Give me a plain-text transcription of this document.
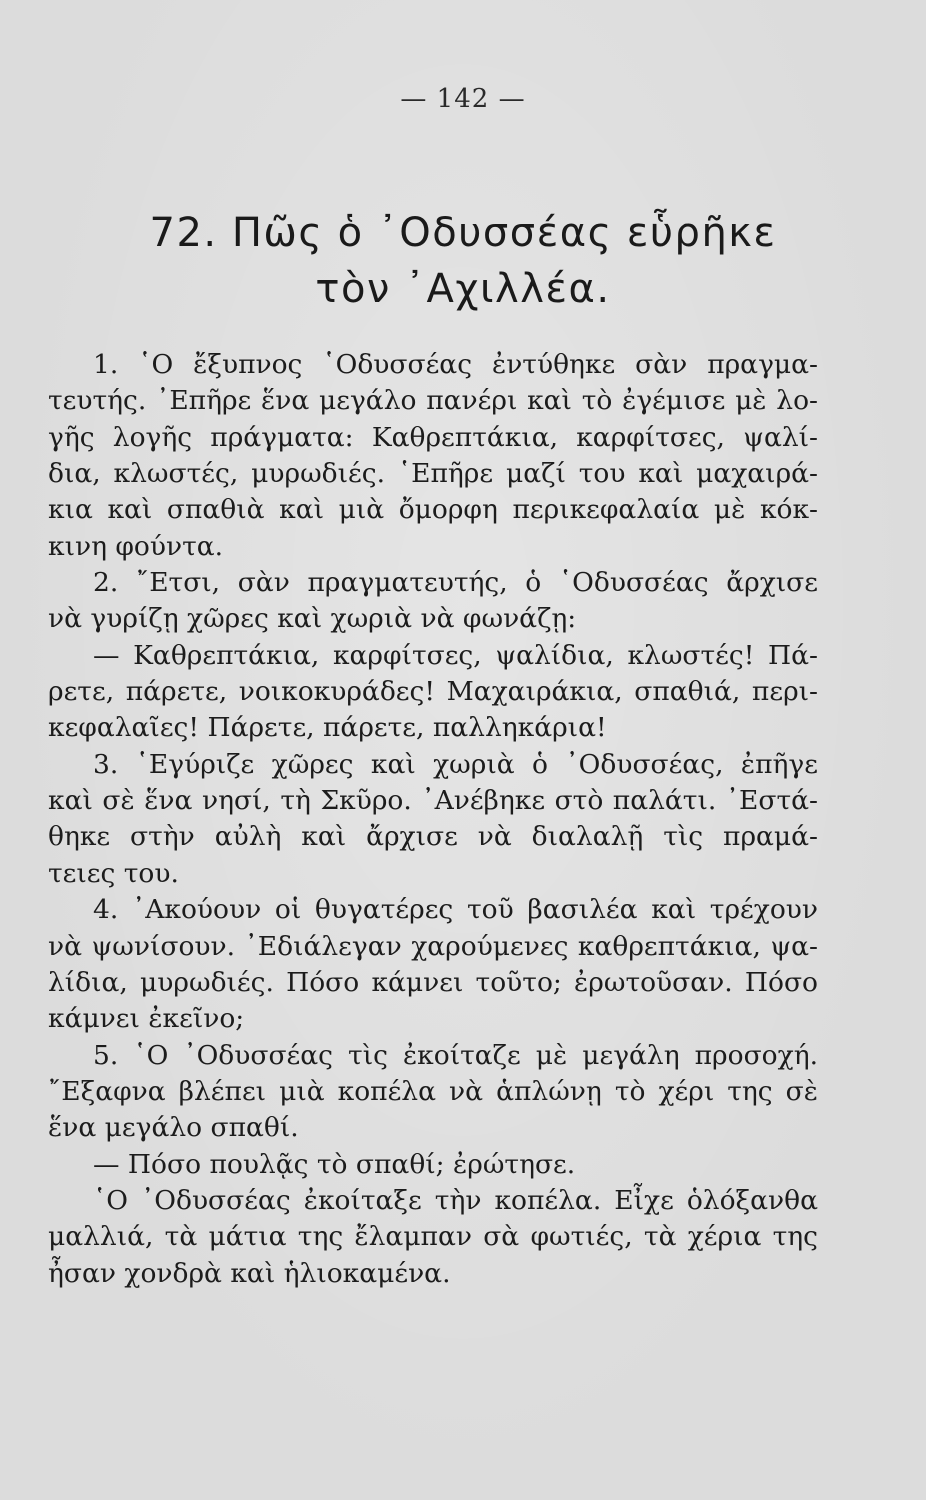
— 142 —
72. Πῶς ὁ ᾿Οδυσσέας εὗρῆκε
τὸν ᾿Αχιλλέα.
1. ῾Ο ἔξυπνος ῾Οδυσσέας ἐντύθηκε σὰν πραγμα-
τευτής. ᾿Επῆρε ἕνα μεγάλο πανέρι καὶ τὸ ἐγέμισε μὲ λο-
γῆς λογῆς πράγματα: Καθρεπτάκια, καρφίτσες, ψαλί-
δια, κλωστές, μυρωδιές. ῾Επῆρε μαζί του καὶ μαχαιρά-
κια καὶ σπαθιὰ καὶ μιὰ ὄμορφη περικεφαλαία μὲ κόκ-
κινη φούντα.
2. ῎Ετσι, σὰν πραγματευτής, ὁ ῾Οδυσσέας ἄρχισε
νὰ γυρίζῃ χῶρες καὶ χωριὰ νὰ φωνάζῃ:
— Καθρεπτάκια, καρφίτσες, ψαλίδια, κλωστές! Πά-
ρετε, πάρετε, νοικοκυράδες! Μαχαιράκια, σπαθιά, περι-
κεφαλαῖες! Πάρετε, πάρετε, παλληκάρια!
3. ῾Εγύριζε χῶρες καὶ χωριὰ ὁ ᾿Οδυσσέας, ἐπῆγε
καὶ σὲ ἕνα νησί, τὴ Σκῦρο. ᾿Ανέβηκε στὸ παλάτι. ᾿Εστά-
θηκε στὴν αὐλὴ καὶ ἄρχισε νὰ διαλαλῇ τὶς πραμά-
τειες του.
4. ᾿Ακούουν οἱ θυγατέρες τοῦ βασιλέα καὶ τρέχουν
νὰ ψωνίσουν. ᾿Εδιάλεγαν χαρούμενες καθρεπτάκια, ψα-
λίδια, μυρωδιές. Πόσο κάμνει τοῦτο; ἐρωτοῦσαν. Πόσο
κάμνει ἐκεῖνο;
5. ῾Ο ᾿Οδυσσέας τὶς ἐκοίταζε μὲ μεγάλη προσοχή.
῎Εξαφνα βλέπει μιὰ κοπέλα νὰ ἁπλώνῃ τὸ χέρι της σὲ
ἕνα μεγάλο σπαθί.
— Πόσο πουλᾷς τὸ σπαθί; ἐρώτησε.
῾Ο ᾿Οδυσσέας ἐκοίταξε τὴν κοπέλα. Εἶχε ὁλόξανθα
μαλλιά, τὰ μάτια της ἔλαμπαν σὰ φωτιές, τὰ χέρια της
ἦσαν χονδρὰ καὶ ἡλιοκαμένα.
